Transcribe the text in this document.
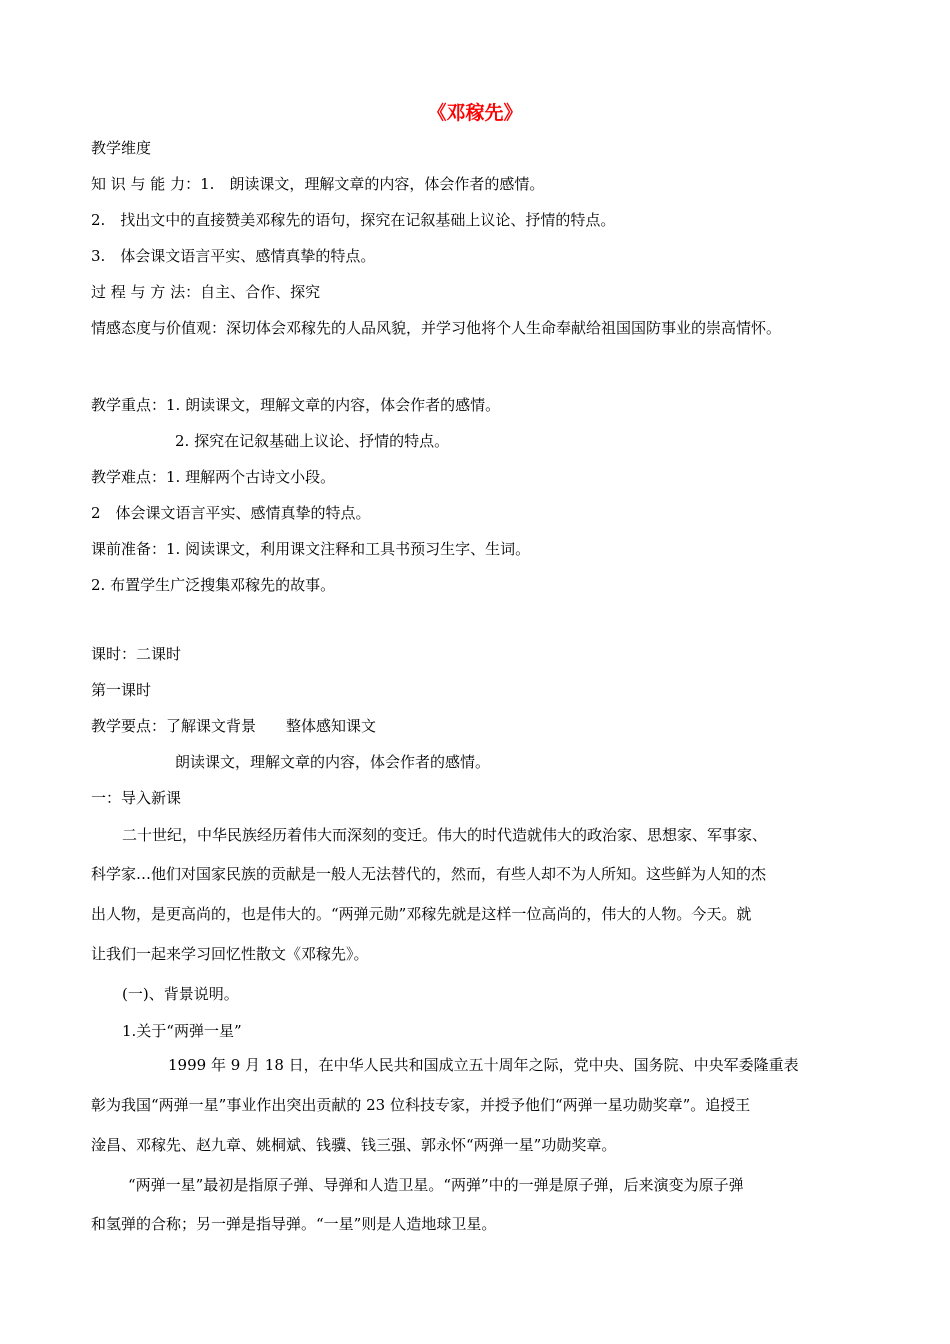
《邓稼先》
教学维度
知 识 与 能 力：1.　朗读课文，理解文章的内容，体会作者的感情。
2.　找出文中的直接赞美邓稼先的语句，探究在记叙基础上议论、抒情的特点。
3.　体会课文语言平实、感情真挚的特点。
过 程 与 方 法：自主、合作、探究
情感态度与价值观：深切体会邓稼先的人品风貌，并学习他将个人生命奉献给祖国国防事业的崇高情怀。
教学重点：1. 朗读课文，理解文章的内容，体会作者的感情。
2. 探究在记叙基础上议论、抒情的特点。
教学难点：1. 理解两个古诗文小段。
2　体会课文语言平实、感情真挚的特点。
课前准备：1. 阅读课文，利用课文注释和工具书预习生字、生词。
2. 布置学生广泛搜集邓稼先的故事。
课时：二课时
第一课时
教学要点：了解课文背景　　整体感知课文
朗读课文，理解文章的内容，体会作者的感情。
一：导入新课
二十世纪，中华民族经历着伟大而深刻的变迁。伟大的时代造就伟大的政治家、思想家、军事家、
科学家…他们对国家民族的贡献是一般人无法替代的，然而，有些人却不为人所知。这些鲜为人知的杰
出人物，是更高尚的，也是伟大的。“两弹元勋”邓稼先就是这样一位高尚的，伟大的人物。今天。就
让我们一起来学习回忆性散文《邓稼先》。
(一)、背景说明。
1.关于“两弹一星”
1999 年 9 月 18 日，在中华人民共和国成立五十周年之际，党中央、国务院、中央军委隆重表
彰为我国“两弹一星”事业作出突出贡献的 23 位科技专家，并授予他们“两弹一星功勋奖章”。追授王
淦昌、邓稼先、赵九章、姚桐斌、钱骥、钱三强、郭永怀“两弹一星”功勋奖章。
“两弹一星”最初是指原子弹、导弹和人造卫星。“两弹”中的一弹是原子弹，后来演变为原子弹
和氢弹的合称；另一弹是指导弹。“一星”则是人造地球卫星。
